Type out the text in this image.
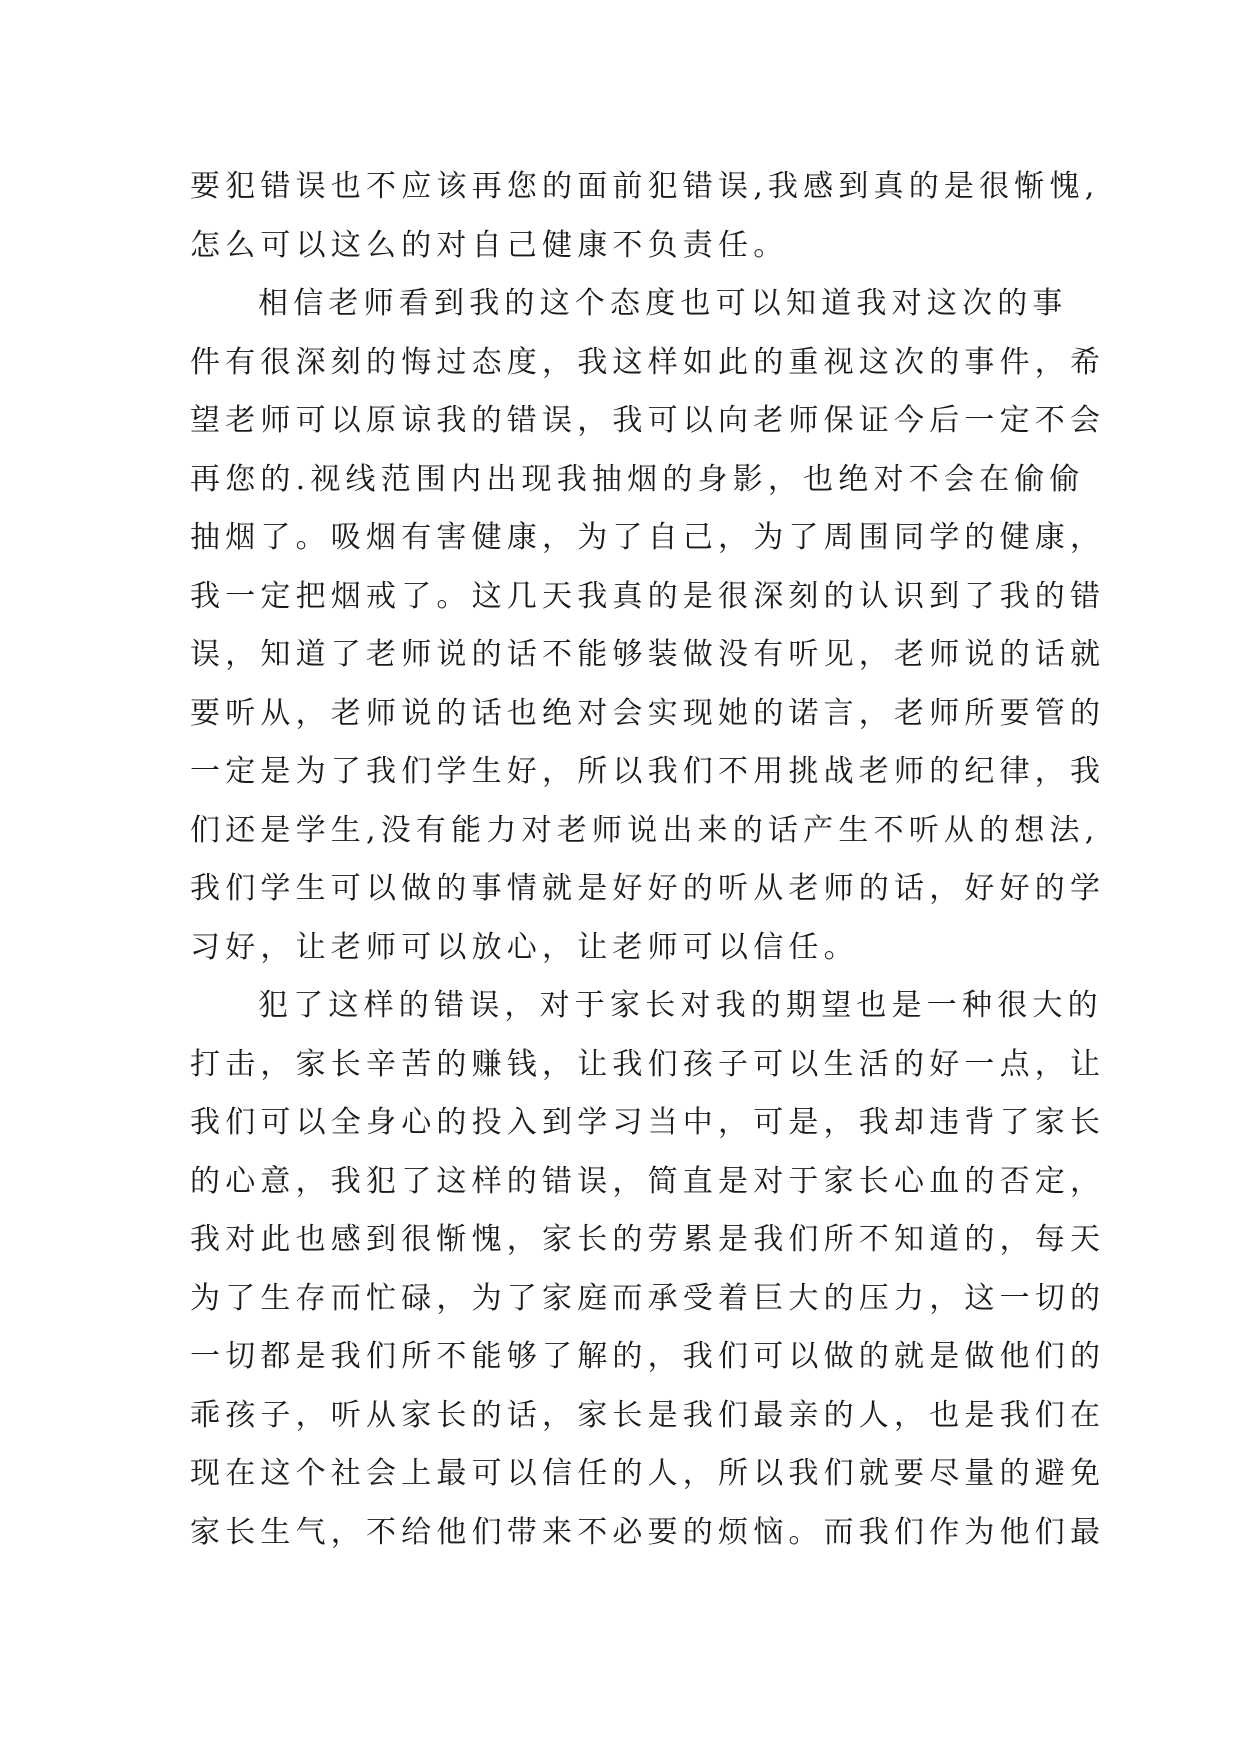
要犯错误也不应该再您的面前犯错误,我感到真的是很惭愧,
怎么可以这么的对自己健康不负责任。
相信老师看到我的这个态度也可以知道我对这次的事
件有很深刻的悔过态度，我这样如此的重视这次的事件，希
望老师可以原谅我的错误，我可以向老师保证今后一定不会
再您的.视线范围内出现我抽烟的身影，也绝对不会在偷偷
抽烟了。吸烟有害健康，为了自己，为了周围同学的健康，
我一定把烟戒了。这几天我真的是很深刻的认识到了我的错
误，知道了老师说的话不能够装做没有听见，老师说的话就
要听从，老师说的话也绝对会实现她的诺言，老师所要管的
一定是为了我们学生好，所以我们不用挑战老师的纪律，我
们还是学生,没有能力对老师说出来的话产生不听从的想法,
我们学生可以做的事情就是好好的听从老师的话，好好的学
习好，让老师可以放心，让老师可以信任。
犯了这样的错误，对于家长对我的期望也是一种很大的
打击，家长辛苦的赚钱，让我们孩子可以生活的好一点，让
我们可以全身心的投入到学习当中，可是，我却违背了家长
的心意，我犯了这样的错误，简直是对于家长心血的否定，
我对此也感到很惭愧，家长的劳累是我们所不知道的，每天
为了生存而忙碌，为了家庭而承受着巨大的压力，这一切的
一切都是我们所不能够了解的，我们可以做的就是做他们的
乖孩子，听从家长的话，家长是我们最亲的人，也是我们在
现在这个社会上最可以信任的人，所以我们就要尽量的避免
家长生气，不给他们带来不必要的烦恼。而我们作为他们最
